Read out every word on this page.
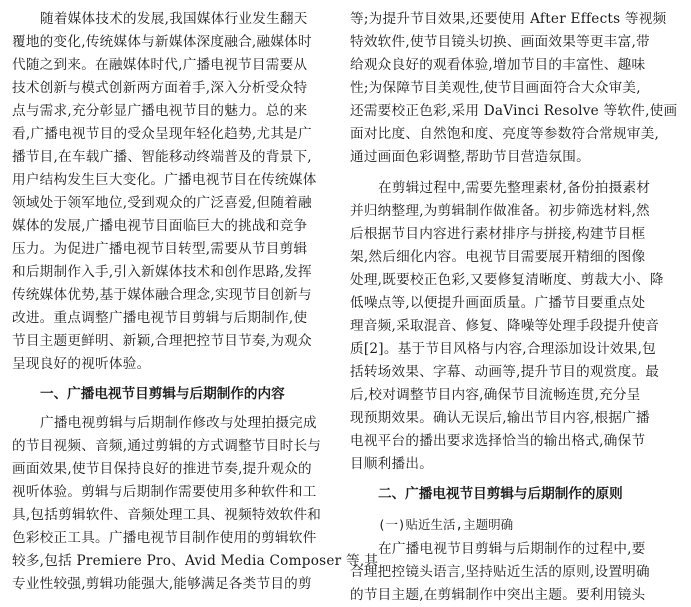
随着媒体技术的发展,我国媒体行业发生翻天
覆地的变化,传统媒体与新媒体深度融合,融媒体时
代随之到来。在融媒体时代,广播电视节目需要从
技术创新与模式创新两方面着手,深入分析受众特
点与需求,充分彰显广播电视节目的魅力。总的来
看,广播电视节目的受众呈现年轻化趋势,尤其是广
播节目,在车载广播、智能移动终端普及的背景下,
用户结构发生巨大变化。广播电视节目在传统媒体
领域处于领军地位,受到观众的广泛喜爱,但随着融
媒体的发展,广播电视节目面临巨大的挑战和竞争
压力。为促进广播电视节目转型,需要从节目剪辑
和后期制作入手,引入新媒体技术和创作思路,发挥
传统媒体优势,基于媒体融合理念,实现节目创新与
改进。重点调整广播电视节目剪辑与后期制作,使
节目主题更鲜明、新颖,合理把控节目节奏,为观众
呈现良好的视听体验。
一、广播电视节目剪辑与后期制作的内容
广播电视剪辑与后期制作修改与处理拍摄完成
的节目视频、音频,通过剪辑的方式调整节目时长与
画面效果,使节目保持良好的推进节奏,提升观众的
视听体验。剪辑与后期制作需要使用多种软件和工
具,包括剪辑软件、音频处理工具、视频特效软件和
色彩校正工具。广播电视节目制作使用的剪辑软件
较多,包括 Premiere Pro、Avid Media Composer 等,其
专业性较强,剪辑功能强大,能够满足各类节目的剪
等;为提升节目效果,还要使用 After Effects 等视频
特效软件,使节目镜头切换、画面效果等更丰富,带
给观众良好的观看体验,增加节目的丰富性、趣味
性;为保障节目美观性,使节目画面符合大众审美,
还需要校正色彩,采用 DaVinci Resolve 等软件,使画
面对比度、自然饱和度、亮度等参数符合常规审美,
通过画面色彩调整,帮助节目营造氛围。
在剪辑过程中,需要先整理素材,备份拍摄素材
并归纳整理,为剪辑制作做准备。初步筛选材料,然
后根据节目内容进行素材排序与拼接,构建节目框
架,然后细化内容。电视节目需要展开精细的图像
处理,既要校正色彩,又要修复清晰度、剪裁大小、降
低噪点等,以便提升画面质量。广播节目要重点处
理音频,采取混音、修复、降噪等处理手段提升使音
质[2]。基于节目风格与内容,合理添加设计效果,包
括转场效果、字幕、动画等,提升节目的观赏度。最
后,校对调整节目内容,确保节目流畅连贯,充分呈
现预期效果。确认无误后,输出节目内容,根据广播
电视平台的播出要求选择恰当的输出格式,确保节
目顺利播出。
二、广播电视节目剪辑与后期制作的原则
(一)贴近生活,主题明确
在广播电视节目剪辑与后期制作的过程中,要
合理把控镜头语言,坚持贴近生活的原则,设置明确
的节目主题,在剪辑制作中突出主题。要利用镜头
